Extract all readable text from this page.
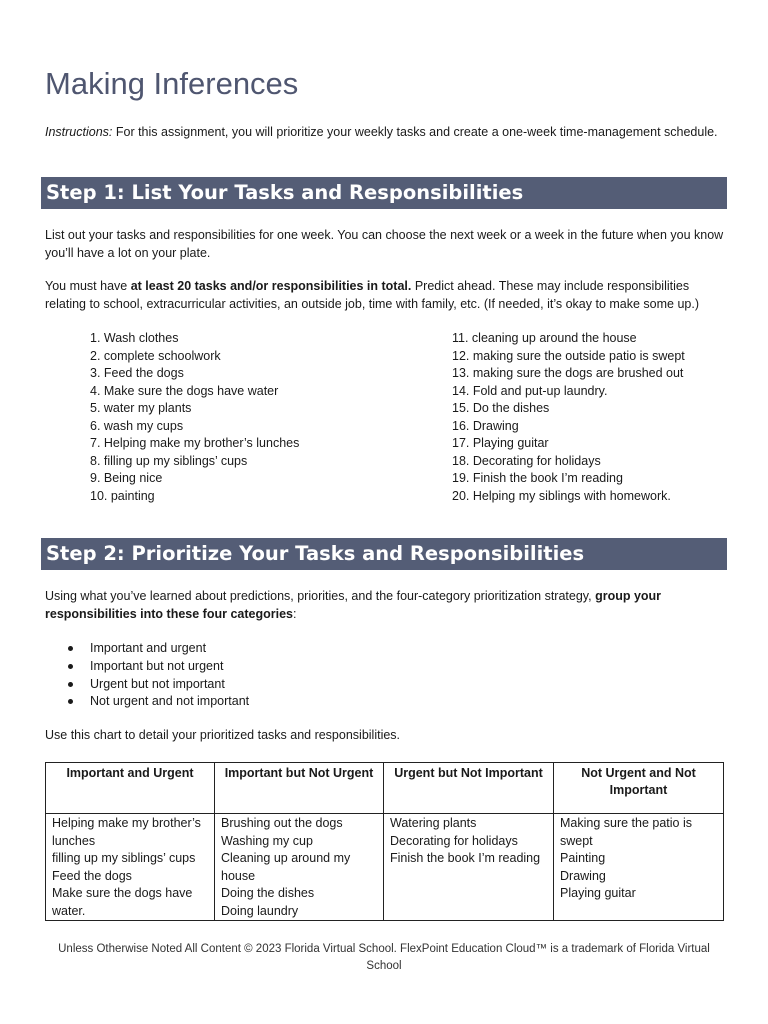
Making Inferences

Instructions: For this assignment, you will prioritize your weekly tasks and create a one-week time-management schedule.

Step 1: List Your Tasks and Responsibilities

List out your tasks and responsibilities for one week. You can choose the next week or a week in the future when you know you’ll have a lot on your plate.

You must have at least 20 tasks and/or responsibilities in total. Predict ahead. These may include responsibilities relating to school, extracurricular activities, an outside job, time with family, etc. (If needed, it’s okay to make some up.)

1. Wash clothes
2. complete schoolwork
3. Feed the dogs
4. Make sure the dogs have water
5. water my plants
6. wash my cups
7. Helping make my brother’s lunches
8. filling up my siblings’ cups
9. Being nice
10. painting
11. cleaning up around the house
12. making sure the outside patio is swept
13. making sure the dogs are brushed out
14. Fold and put-up laundry.
15. Do the dishes
16. Drawing
17. Playing guitar
18. Decorating for holidays
19. Finish the book I’m reading
20. Helping my siblings with homework.
Step 2: Prioritize Your Tasks and Responsibilities

Using what you’ve learned about predictions, priorities, and the four-category prioritization strategy, group your responsibilities into these four categories:

Important and urgent
Important but not urgent
Urgent but not important
Not urgent and not important

Use this chart to detail your prioritized tasks and responsibilities.

Important and Urgent	Important but Not Urgent	Urgent but Not Important	Not Urgent and Not Important

Helping make my brother’s lunches
filling up my siblings’ cups
Feed the dogs
Make sure the dogs have water.	Brushing out the dogs
Washing my cup
Cleaning up around my house
Doing the dishes
Doing laundry	Watering plants
Decorating for holidays
Finish the book I’m reading	Making sure the patio is swept
Painting
Drawing
Playing guitar

Unless Otherwise Noted All Content © 2023 Florida Virtual School. FlexPoint Education Cloud™ is a trademark of Florida Virtual School
